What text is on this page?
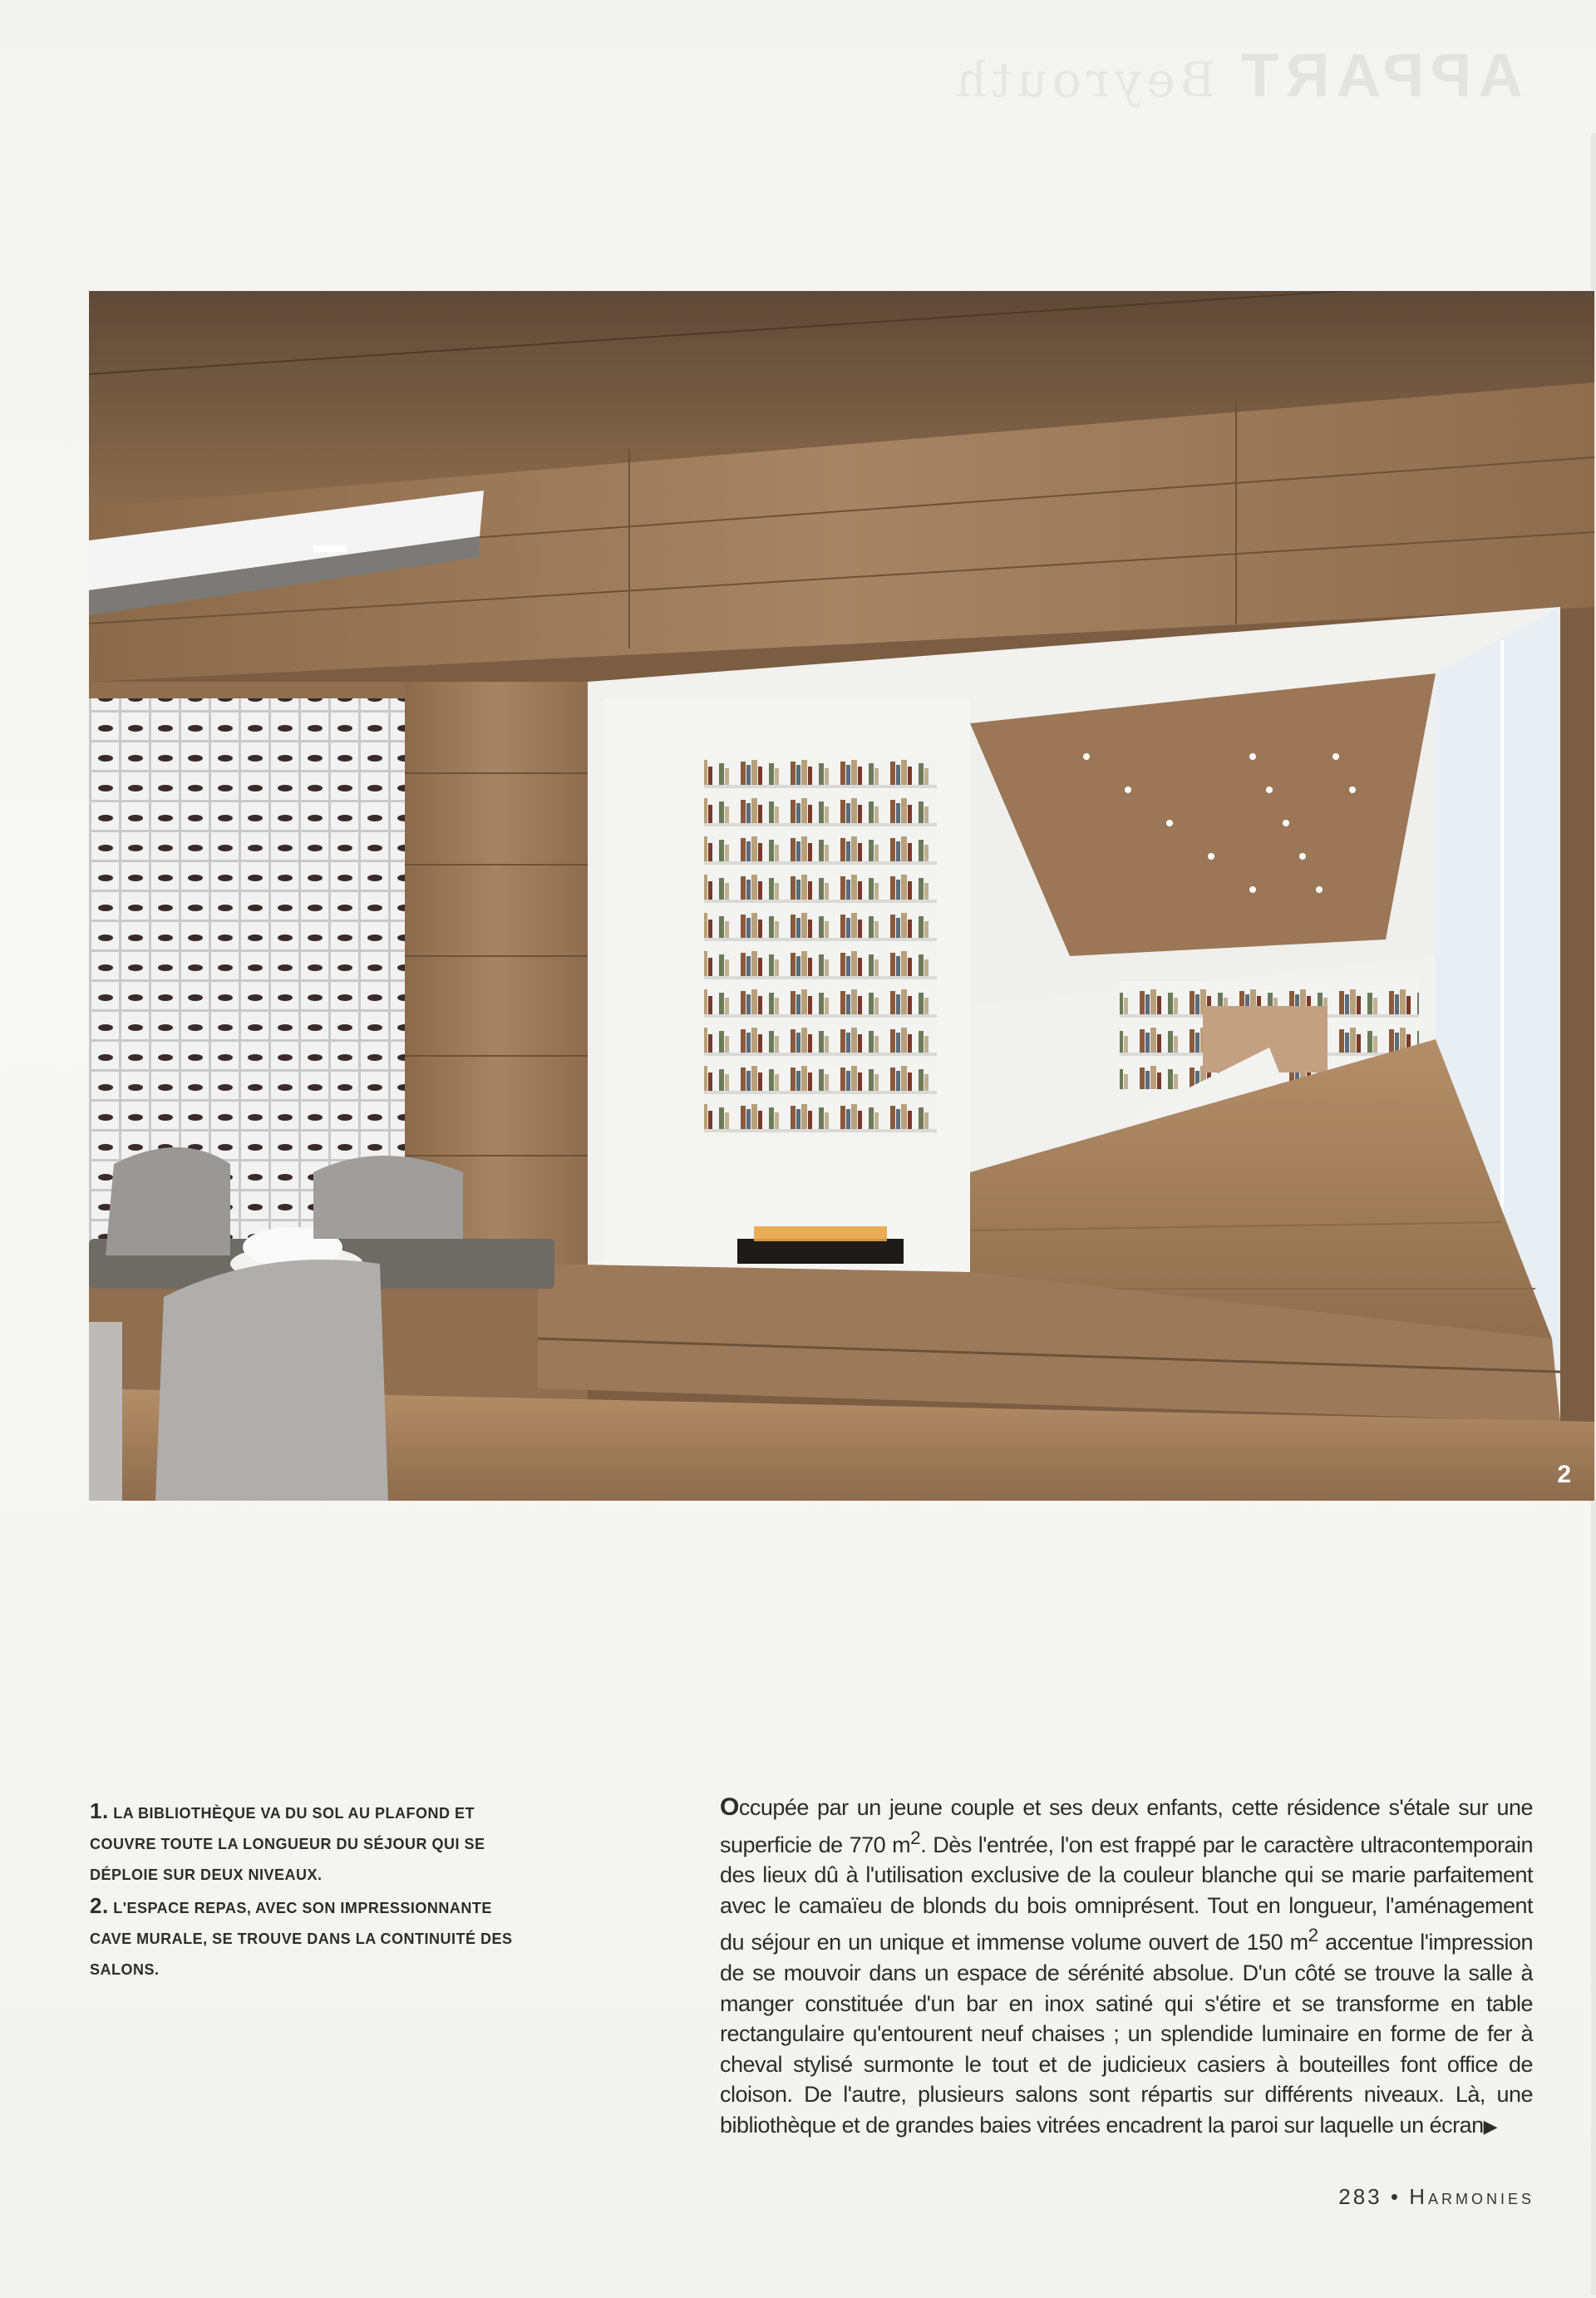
Beyrouth APPART
2
1. LA BIBLIOTHÈQUE VA DU SOL AU PLAFOND ET COUVRE TOUTE LA LONGUEUR DU SÉJOUR QUI SE DÉPLOIE SUR DEUX NIVEAUX.
2. L'ESPACE REPAS, AVEC SON IMPRESSIONNANTE CAVE MURALE, SE TROUVE DANS LA CONTINUITÉ DES SALONS.
Occupée par un jeune couple et ses deux enfants, cette résidence s'étale sur une superficie de 770 $m^2$. Dès l'entrée, l'on est frappé par le caractère ultracontemporain des lieux dû à l'utilisation exclusive de la couleur blanche qui se marie parfaitement avec le camaïeu de blonds du bois omniprésent. Tout en longueur, l'aménagement du séjour en un unique et immense volume ouvert de 150 $m^2$ accentue l'impression de se mouvoir dans un espace de sérénité absolue. D'un côté se trouve la salle à manger constituée d'un bar en inox satiné qui s'étire et se transforme en table rectangulaire qu'entourent neuf chaises ; un splendide luminaire en forme de fer à cheval stylisé surmonte le tout et de judicieux casiers à bouteilles font office de cloison. De l'autre, plusieurs salons sont répartis sur différents niveaux. Là, une bibliothèque et de grandes baies vitrées encadrent la paroi sur laquelle un écran▶
283 • Harmonies
